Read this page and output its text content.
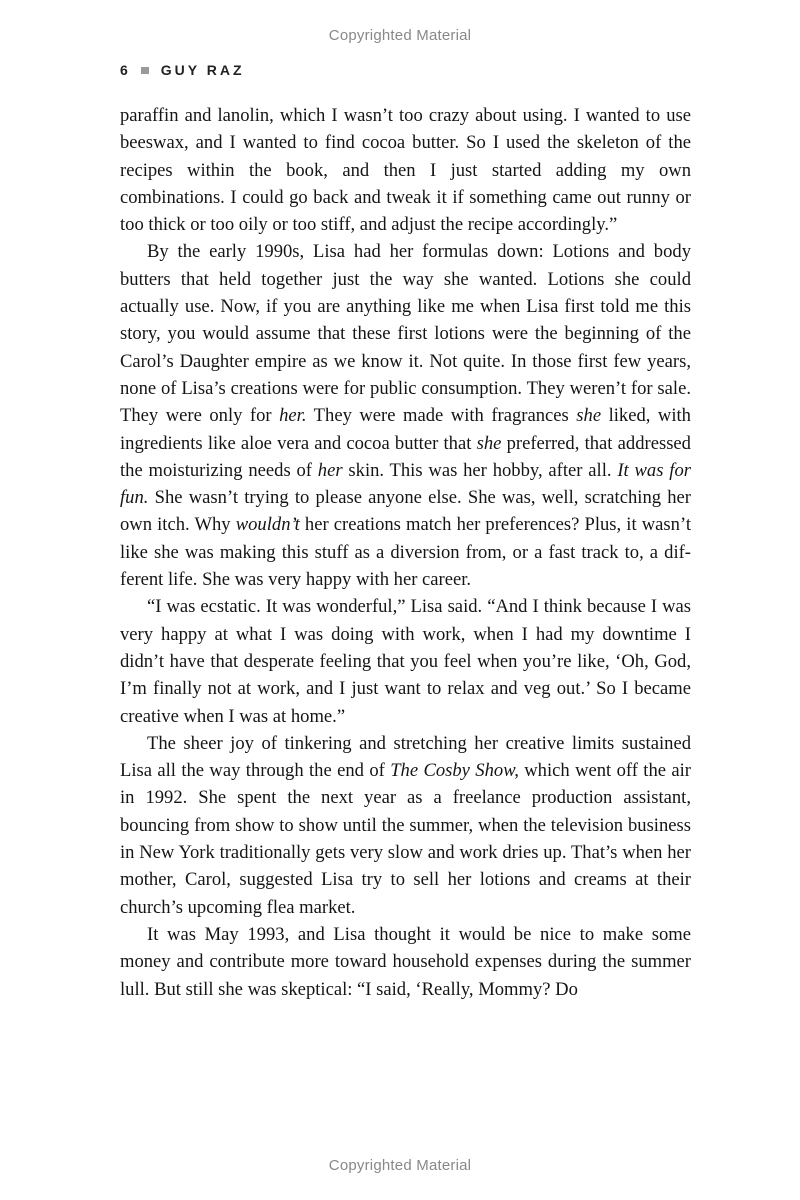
Copyrighted Material
6 GUY RAZ

paraffin and lanolin, which I wasn’t too crazy about using. I wanted to use beeswax, and I wanted to find cocoa butter. So I used the skeleton of the recipes within the book, and then I just started adding my own combinations. I could go back and tweak it if something came out runny or too thick or too oily or too stiff, and adjust the recipe accordingly.”

By the early 1990s, Lisa had her formulas down: Lotions and body butters that held together just the way she wanted. Lotions she could actually use. Now, if you are anything like me when Lisa first told me this story, you would assume that these first lotions were the beginning of the Carol’s Daughter empire as we know it. Not quite. In those first few years, none of Lisa’s creations were for public consumption. They weren’t for sale. They were only for her. They were made with fragrances she liked, with ingredients like aloe vera and cocoa butter that she preferred, that addressed the moisturizing needs of her skin. This was her hobby, after all. It was for fun. She wasn’t trying to please anyone else. She was, well, scratching her own itch. Why wouldn’t her creations match her preferences? Plus, it wasn’t like she was making this stuff as a diversion from, or a fast track to, a different life. She was very happy with her career.

“I was ecstatic. It was wonderful,” Lisa said. “And I think because I was very happy at what I was doing with work, when I had my downtime I didn’t have that desperate feeling that you feel when you’re like, ‘Oh, God, I’m finally not at work, and I just want to relax and veg out.’ So I became creative when I was at home.”

The sheer joy of tinkering and stretching her creative limits sustained Lisa all the way through the end of The Cosby Show, which went off the air in 1992. She spent the next year as a freelance production assistant, bouncing from show to show until the summer, when the television business in New York traditionally gets very slow and work dries up. That’s when her mother, Carol, suggested Lisa try to sell her lotions and creams at their church’s upcoming flea market.

It was May 1993, and Lisa thought it would be nice to make some money and contribute more toward household expenses during the summer lull. But still she was skeptical: “I said, ‘Really, Mommy? Do

Copyrighted Material
